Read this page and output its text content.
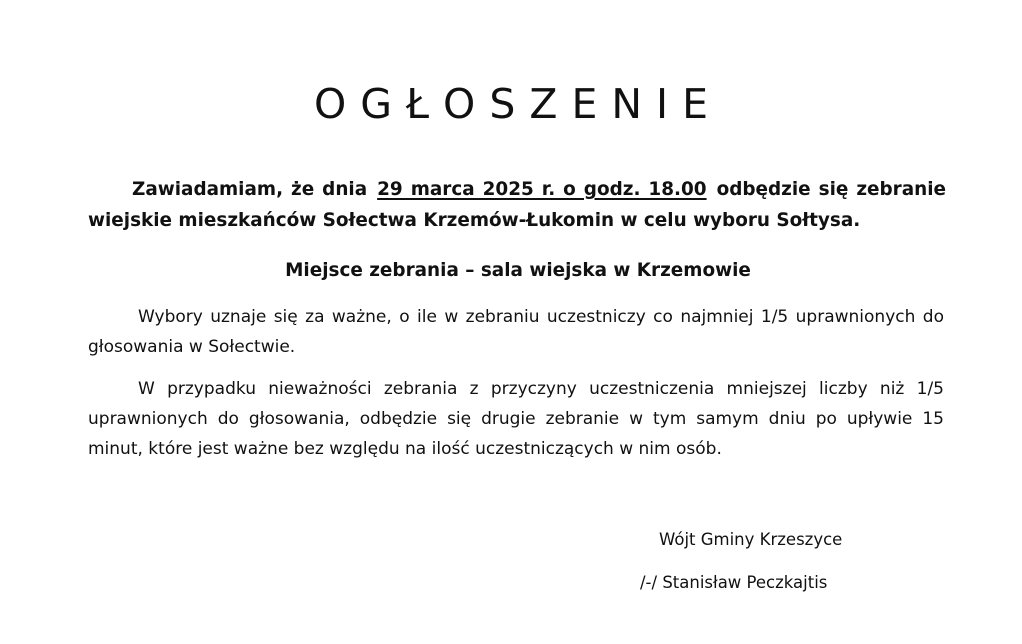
OGŁOSZENIE

Zawiadamiam, że dnia 29 marca 2025 r. o godz. 18.00 odbędzie się zebranie wiejskie mieszkańców Sołectwa Krzemów-Łukomin w celu wyboru Sołtysa.

Miejsce zebrania – sala wiejska w Krzemowie

Wybory uznaje się za ważne, o ile w zebraniu uczestniczy co najmniej 1/5 uprawnionych do głosowania w Sołectwie.

W przypadku nieważności zebrania z przyczyny uczestniczenia mniejszej liczby niż 1/5 uprawnionych do głosowania, odbędzie się drugie zebranie w tym samym dniu po upływie 15 minut, które jest ważne bez względu na ilość uczestniczących w nim osób.

Wójt Gminy Krzeszyce

/-/ Stanisław Peczkajtis
